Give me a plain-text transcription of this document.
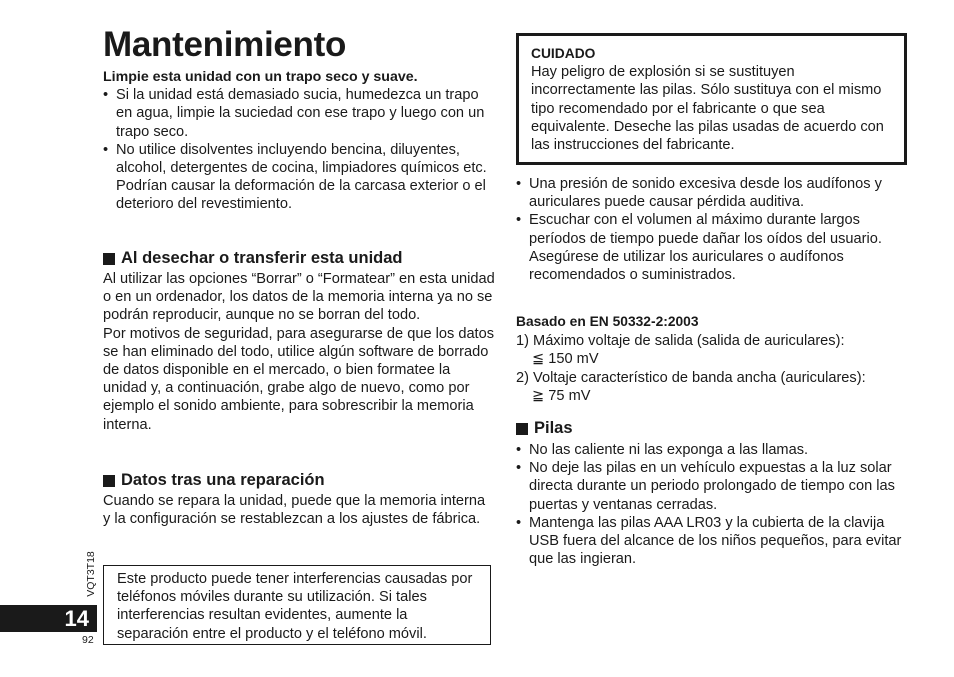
Mantenimiento
Limpie esta unidad con un trapo seco y suave.
• Si la unidad está demasiado sucia, humedezca un trapo en agua, limpie la suciedad con ese trapo y luego con un trapo seco.
• No utilice disolventes incluyendo bencina, diluyentes, alcohol, detergentes de cocina, limpiadores químicos etc. Podrían causar la deformación de la carcasa exterior o el deterioro del revestimiento.
Al desechar o transferir esta unidad

Al utilizar las opciones “Borrar” o “Formatear” en esta unidad o en un ordenador, los datos de la memoria interna ya no se podrán reproducir, aunque no se borran del todo.

Por motivos de seguridad, para asegurarse de que los datos se han eliminado del todo, utilice algún software de borrado de datos disponible en el mercado, o bien formatee la unidad y, a continuación, grabe algo de nuevo, como por ejemplo el sonido ambiente, para sobrescribir la memoria interna.

Datos tras una reparación

Cuando se repara la unidad, puede que la memoria interna y la configuración se restablezcan a los ajustes de fábrica.

Este producto puede tener interferencias causadas por teléfonos móviles durante su utilización. Si tales interferencias resultan evidentes, aumente la separación entre el producto y el teléfono móvil.
CUIDADO
Hay peligro de explosión si se sustituyen incorrectamente las pilas. Sólo sustituya con el mismo tipo recomendado por el fabricante o que sea equivalente. Deseche las pilas usadas de acuerdo con las instrucciones del fabricante.
• Una presión de sonido excesiva desde los audífonos y auriculares puede causar pérdida auditiva.
• Escuchar con el volumen al máximo durante largos períodos de tiempo puede dañar los oídos del usuario.
Asegúrese de utilizar los auriculares o audífonos recomendados o suministrados.
Basado en EN 50332-2:2003
1) Máximo voltaje de salida (salida de auriculares):
≦ 150 mV
2) Voltaje característico de banda ancha (auriculares):
≧ 75 mV
Pilas
• No las caliente ni las exponga a las llamas.
• No deje las pilas en un vehículo expuestas a la luz solar directa durante un periodo prolongado de tiempo con las puertas y ventanas cerradas.
• Mantenga las pilas AAA LR03 y la cubierta de la clavija USB fuera del alcance de los niños pequeños, para evitar que las ingieran.
VQT3T18
14
92
